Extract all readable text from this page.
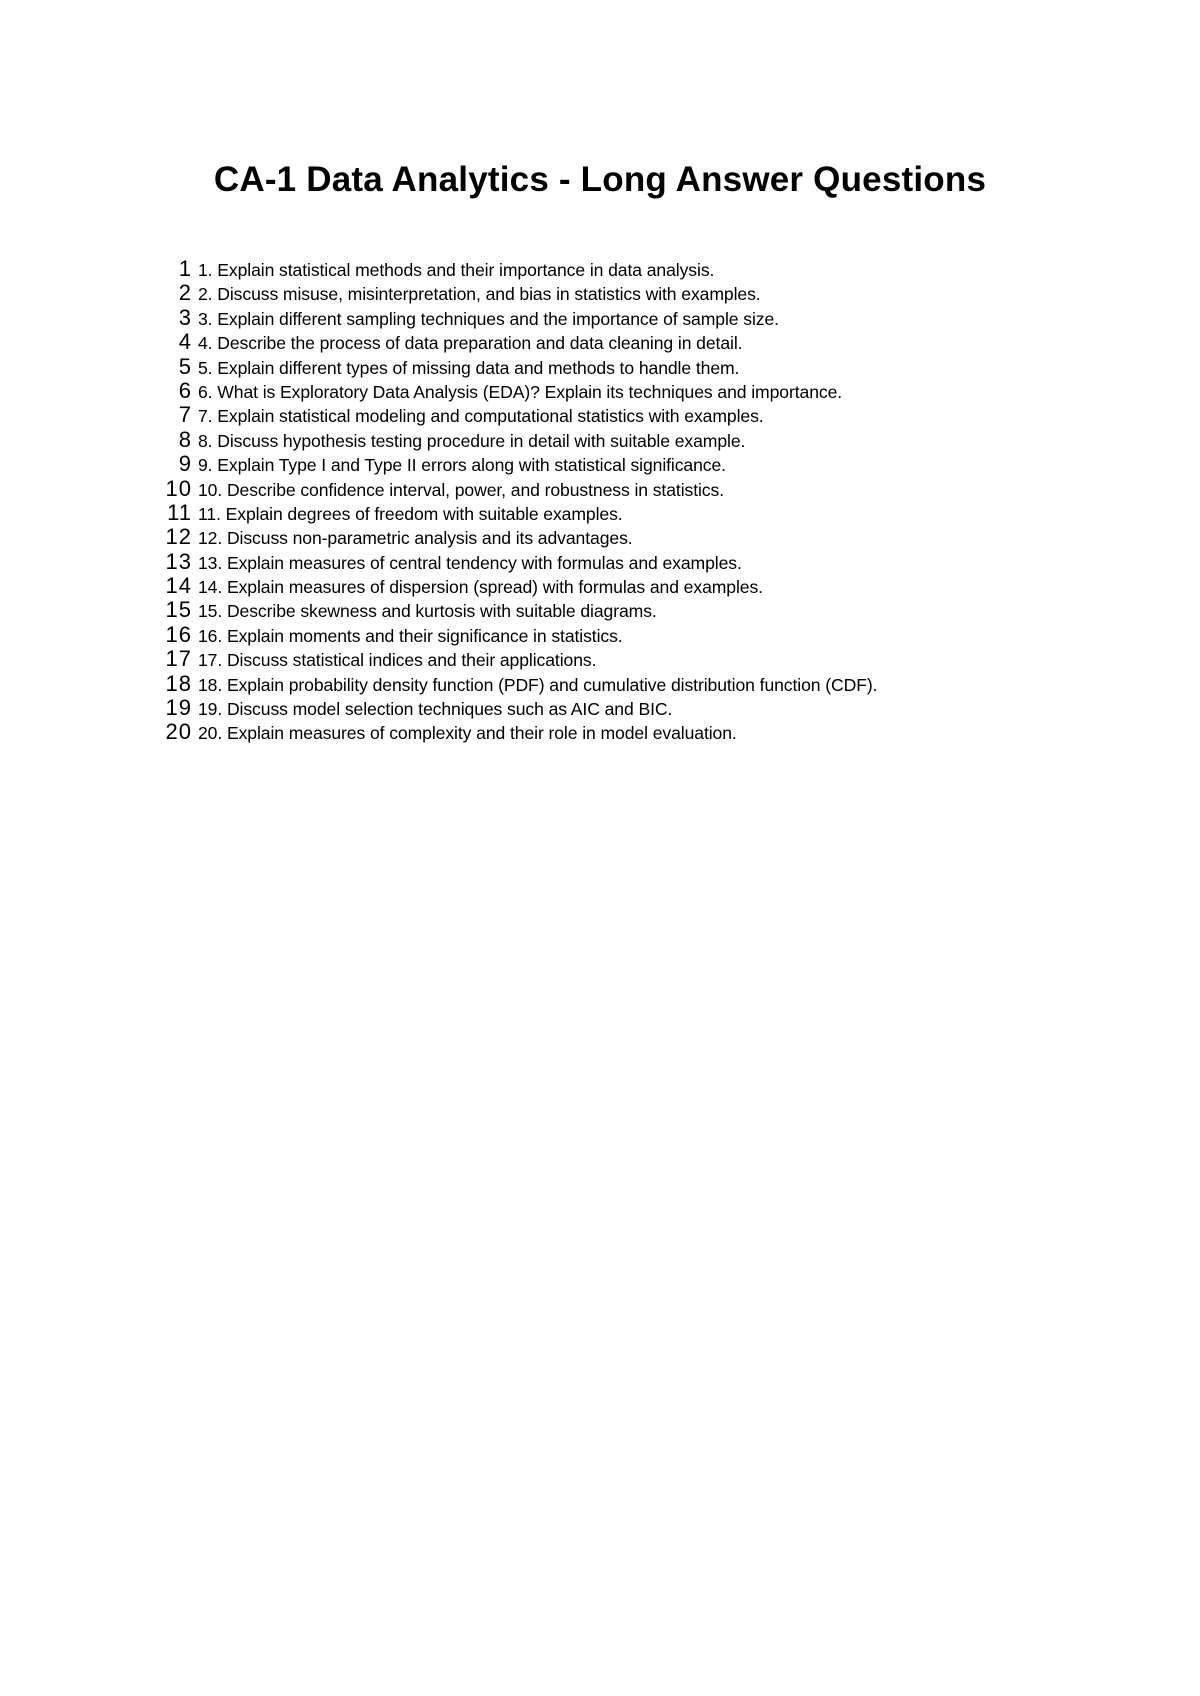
CA-1 Data Analytics - Long Answer Questions
1 1. Explain statistical methods and their importance in data analysis.
2 2. Discuss misuse, misinterpretation, and bias in statistics with examples.
3 3. Explain different sampling techniques and the importance of sample size.
4 4. Describe the process of data preparation and data cleaning in detail.
5 5. Explain different types of missing data and methods to handle them.
6 6. What is Exploratory Data Analysis (EDA)? Explain its techniques and importance.
7 7. Explain statistical modeling and computational statistics with examples.
8 8. Discuss hypothesis testing procedure in detail with suitable example.
9 9. Explain Type I and Type II errors along with statistical significance.
10 10. Describe confidence interval, power, and robustness in statistics.
11 11. Explain degrees of freedom with suitable examples.
12 12. Discuss non-parametric analysis and its advantages.
13 13. Explain measures of central tendency with formulas and examples.
14 14. Explain measures of dispersion (spread) with formulas and examples.
15 15. Describe skewness and kurtosis with suitable diagrams.
16 16. Explain moments and their significance in statistics.
17 17. Discuss statistical indices and their applications.
18 18. Explain probability density function (PDF) and cumulative distribution function (CDF).
19 19. Discuss model selection techniques such as AIC and BIC.
20 20. Explain measures of complexity and their role in model evaluation.
